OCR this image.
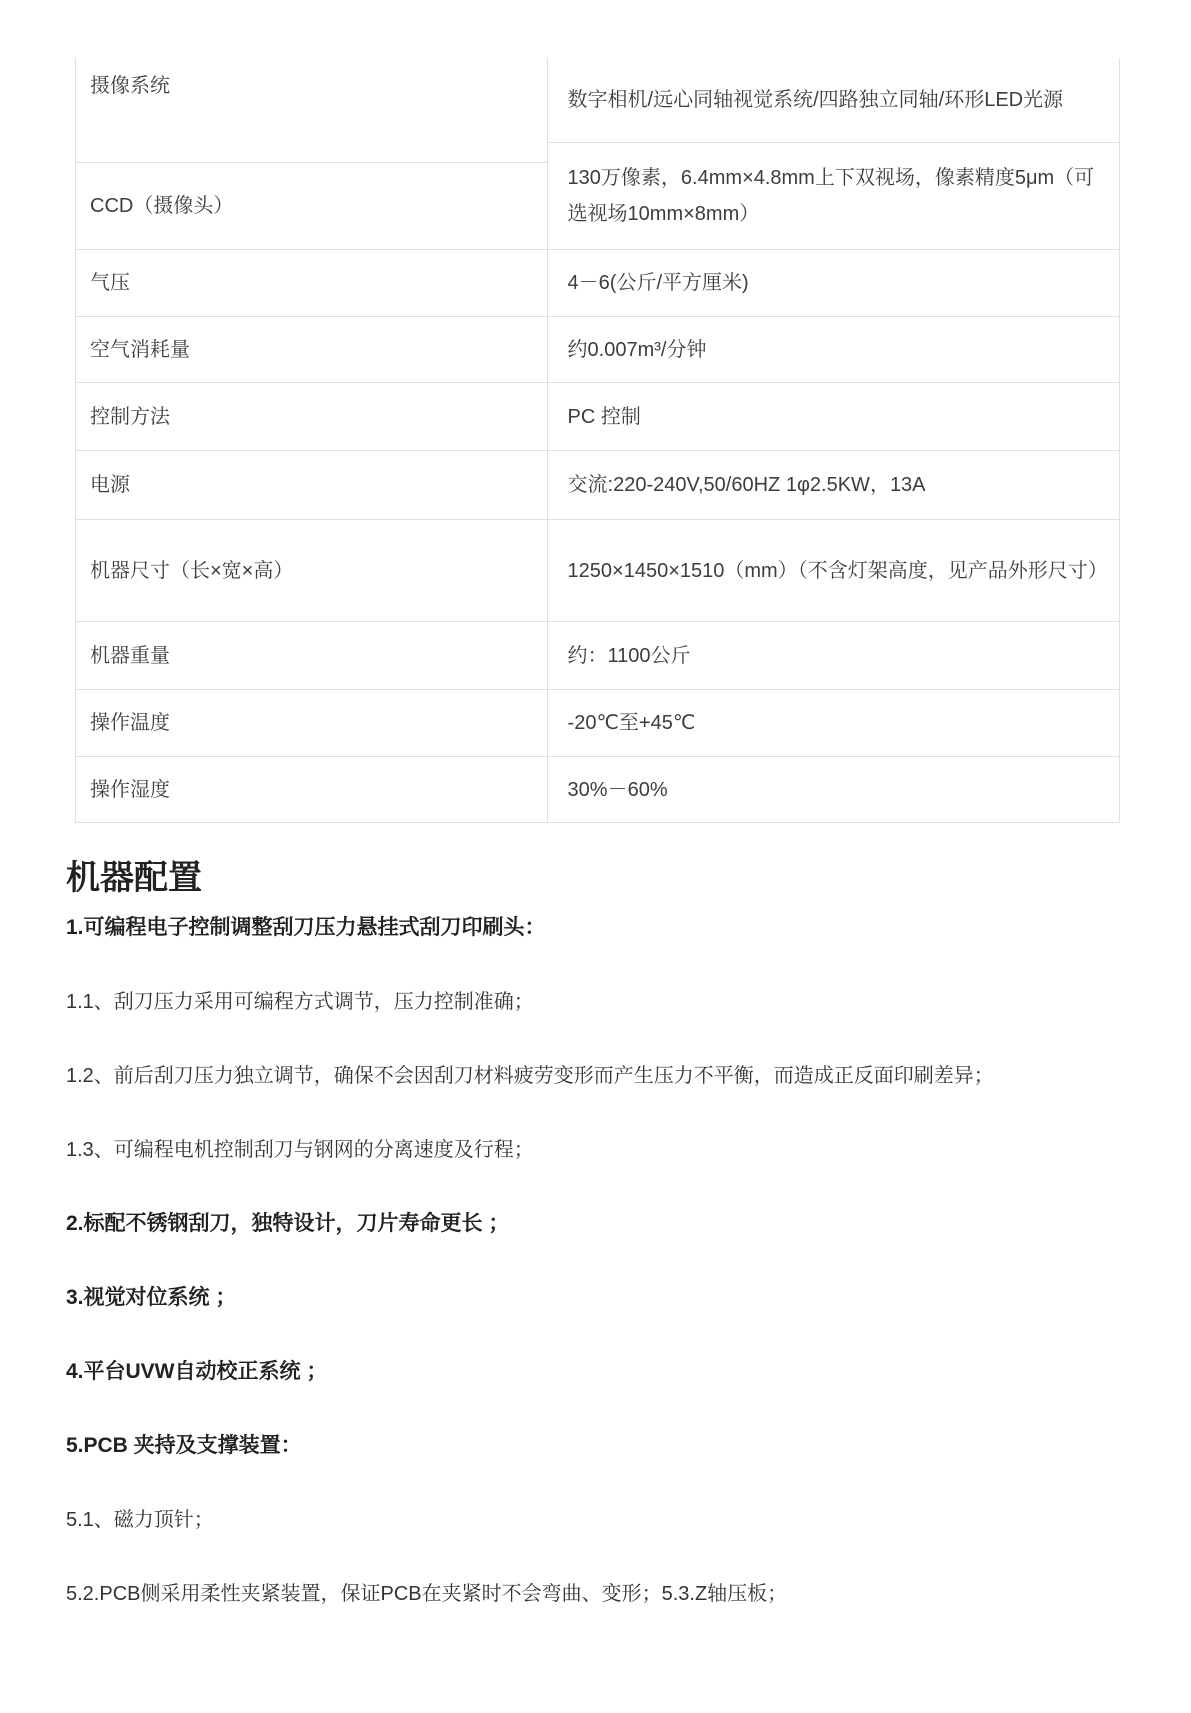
摄像系统
CCD（摄像头）
气压
空气消耗量
控制方法
电源
机器尺寸（长×宽×高）
机器重量
操作温度
操作湿度
数字相机/远心同轴视觉系统/四路独立同轴/环形LED光源
130万像素，6.4mm×4.8mm上下双视场，像素精度5μm（可选视场10mm×8mm）
4－6(公斤/平方厘米)
约0.007m³/分钟
PC 控制
交流:220-240V,50/60HZ 1φ2.5KW，13A
1250×1450×1510（mm）（不含灯架高度，见产品外形尺寸）
约：1100公斤
-20℃至+45℃
30%－60%
机器配置

1.可编程电子控制调整刮刀压力悬挂式刮刀印刷头：

1.1、刮刀压力采用可编程方式调节，压力控制准确；

1.2、前后刮刀压力独立调节，确保不会因刮刀材料疲劳变形而产生压力不平衡，而造成正反面印刷差异；

1.3、可编程电机控制刮刀与钢网的分离速度及行程；

2.标配不锈钢刮刀，独特设计，刀片寿命更长 ；

3.视觉对位系统 ；

4.平台UVW自动校正系统 ；

5.PCB 夹持及支撑装置：

5.1、磁力顶针；

5.2.PCB侧采用柔性夹紧装置，保证PCB在夹紧时不会弯曲、变形；5.3.Z轴压板；
